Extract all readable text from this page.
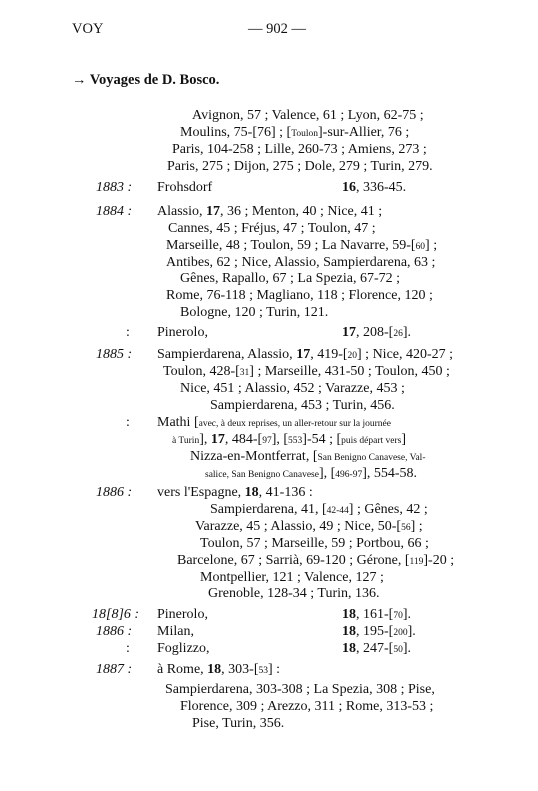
VOY	— 902 —
→ Voyages de D. Bosco.
Avignon, 57 ; Valence, 61 ; Lyon, 62-75 ;
Moulins, 75-[76] ; [Toulon]-sur-Allier, 76 ;
Paris, 104-258 ; Lille, 260-73 ; Amiens, 273 ;
Paris, 275 ; Dijon, 275 ; Dole, 279 ; Turin, 279.
1883 : Frohsdorf	16, 336-45.
1884 : Alassio, 17, 36 ; Menton, 40 ; Nice, 41 ;
Cannes, 45 ; Fréjus, 47 ; Toulon, 47 ;
Marseille, 48 ; Toulon, 59 ; La Navarre, 59-[60] ;
Antibes, 62 ; Nice, Alassio, Sampierdarena, 63 ;
Gênes, Rapallo, 67 ; La Spezia, 67-72 ;
Rome, 76-118 ; Magliano, 118 ; Florence, 120 ;
Bologne, 120 ; Turin, 121.
: Pinerolo,	17, 208-[26].
1885 : Sampierdarena, Alassio, 17, 419-[20] ; Nice, 420-27 ;
Toulon, 428-[31] ; Marseille, 431-50 ; Toulon, 450 ;
Nice, 451 ; Alassio, 452 ; Varazze, 453 ;
Sampierdarena, 453 ; Turin, 456.
: Mathi [avec, à deux reprises, un aller-retour sur la journée
à Turin], 17, 484-[97], [553]-54 ; [puis départ vers]
Nizza-en-Montferrat, [San Benigno Canavese, Val-
salice, San Benigno Canavese], [496-97], 554-58.
1886 : vers l'Espagne, 18, 41-136 :
Sampierdarena, 41, [42-44] ; Gênes, 42 ;
Varazze, 45 ; Alassio, 49 ; Nice, 50-[56] ;
Toulon, 57 ; Marseille, 59 ; Portbou, 66 ;
Barcelone, 67 ; Sarrià, 69-120 ; Gérone, [119]-20 ;
Montpellier, 121 ; Valence, 127 ;
Grenoble, 128-34 ; Turin, 136.
18[8]6 : Pinerolo,	18, 161-[70].
1886 : Milan,	18, 195-[200].
: Foglizzo,	18, 247-[50].
1887 : à Rome, 18, 303-[53] :
Sampierdarena, 303-308 ; La Spezia, 308 ; Pise,
Florence, 309 ; Arezzo, 311 ; Rome, 313-53 ;
Pise, Turin, 356.
